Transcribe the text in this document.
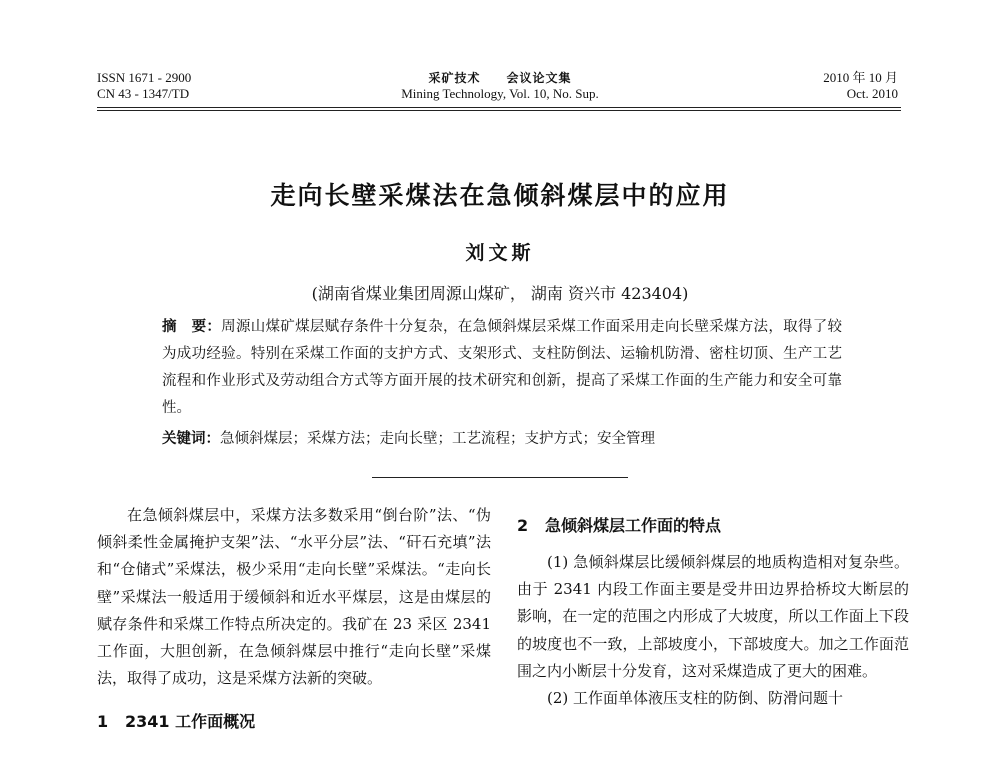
ISSN 1671 - 2900
CN 43 - 1347/TD
采矿技术　　会议论文集
Mining Technology, Vol. 10, No. Sup.
2010 年 10 月
Oct. 2010
走向长壁采煤法在急倾斜煤层中的应用
刘文斯
(湖南省煤业集团周源山煤矿， 湖南 资兴市 423404)
摘　要：周源山煤矿煤层赋存条件十分复杂，在急倾斜煤层采煤工作面采用走向长壁采煤方法，取得了较为成功经验。特别在采煤工作面的支护方式、支架形式、支柱防倒法、运输机防滑、密柱切顶、生产工艺流程和作业形式及劳动组合方式等方面开展的技术研究和创新，提高了采煤工作面的生产能力和安全可靠性。
关键词：急倾斜煤层；采煤方法；走向长壁；工艺流程；支护方式；安全管理

在急倾斜煤层中，采煤方法多数采用“倒台阶”法、“伪倾斜柔性金属掩护支架”法、“水平分层”法、“矸石充填”法和“仓储式”采煤法，极少采用“走向长壁”采煤法。“走向长壁”采煤法一般适用于缓倾斜和近水平煤层，这是由煤层的赋存条件和采煤工作特点所决定的。我矿在 23 采区 2341 工作面，大胆创新，在急倾斜煤层中推行“走向长壁”采煤法，取得了成功，这是采煤方法新的突破。

1 2341 工作面概况
2 急倾斜煤层工作面的特点

(1) 急倾斜煤层比缓倾斜煤层的地质构造相对复杂些。由于 2341 内段工作面主要是受井田边界拾桥坟大断层的影响，在一定的范围之内形成了大坡度，所以工作面上下段的坡度也不一致，上部坡度小，下部坡度大。加之工作面范围之内小断层十分发育，这对采煤造成了更大的困难。

(2) 工作面单体液压支柱的防倒、防滑问题十
